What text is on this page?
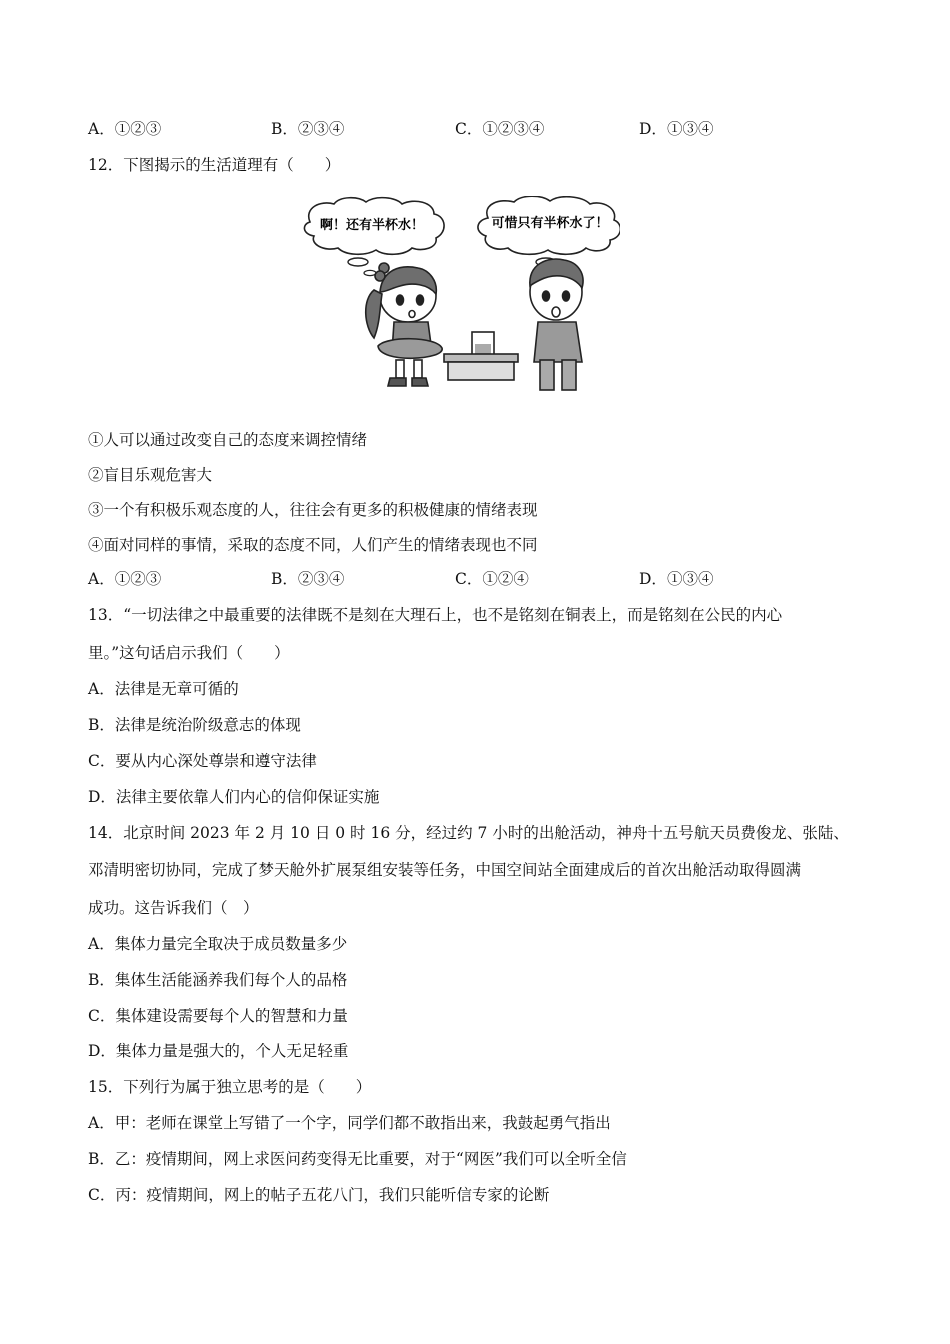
A．①②③	B．②③④	C．①②③④	D．①③④
12．下图揭示的生活道理有（　　）
啊！还有半杯水！	可惜只有半杯水了！
①人可以通过改变自己的态度来调控情绪
②盲目乐观危害大
③一个有积极乐观态度的人，往往会有更多的积极健康的情绪表现
④面对同样的事情，采取的态度不同，人们产生的情绪表现也不同
A．①②③	B．②③④	C．①②④	D．①③④
13．“一切法律之中最重要的法律既不是刻在大理石上，也不是铭刻在铜表上，而是铭刻在公民的内心
里。”这句话启示我们（　　）
A．法律是无章可循的
B．法律是统治阶级意志的体现
C．要从内心深处尊崇和遵守法律
D．法律主要依靠人们内心的信仰保证实施
14．北京时间 2023 年 2 月 10 日 0 时 16 分，经过约 7 小时的出舱活动，神舟十五号航天员费俊龙、张陆、
邓清明密切协同，完成了梦天舱外扩展泵组安装等任务，中国空间站全面建成后的首次出舱活动取得圆满
成功。这告诉我们（　）
A．集体力量完全取决于成员数量多少
B．集体生活能涵养我们每个人的品格
C．集体建设需要每个人的智慧和力量
D．集体力量是强大的，个人无足轻重
15．下列行为属于独立思考的是（　　）
A．甲：老师在课堂上写错了一个字，同学们都不敢指出来，我鼓起勇气指出
B．乙：疫情期间，网上求医问药变得无比重要，对于“网医”我们可以全听全信
C．丙：疫情期间，网上的帖子五花八门，我们只能听信专家的论断
